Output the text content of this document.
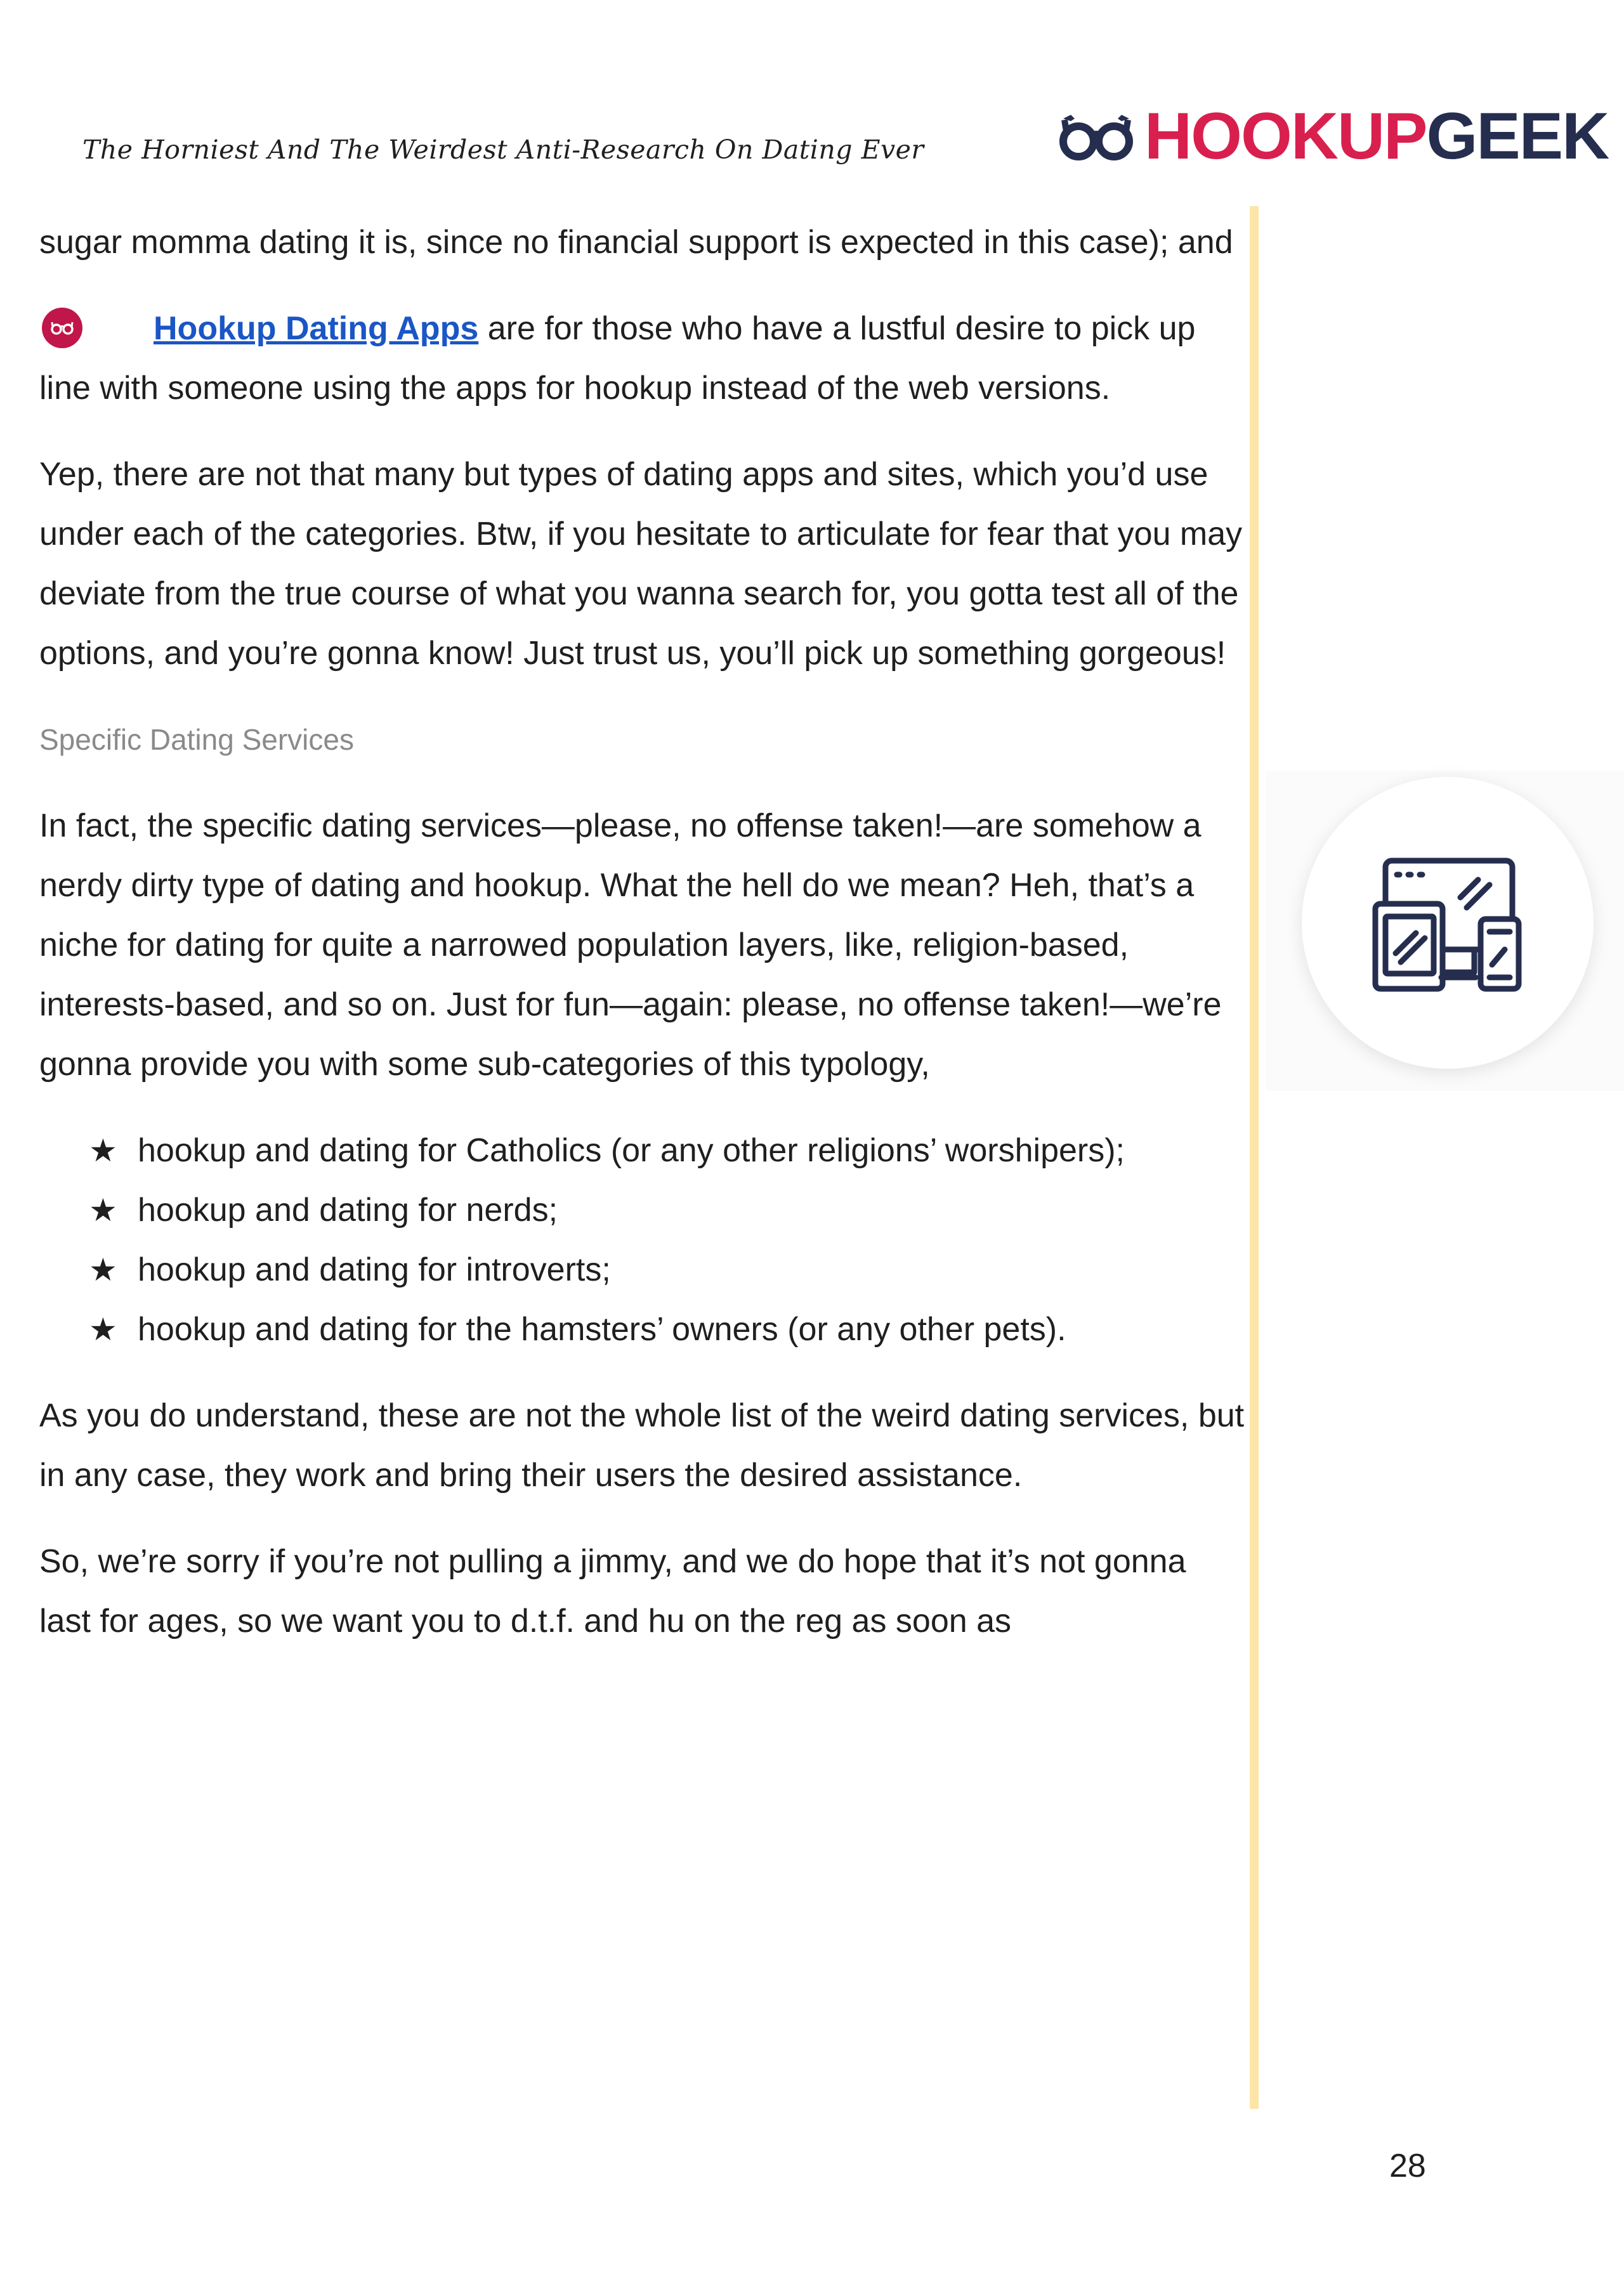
The Horniest And The Weirdest Anti-Research On Dating Ever	HOOKUPGEEK

sugar momma dating it is, since no financial support is expected in this case); and

Hookup Dating Apps are for those who have a lustful desire to pick up line with someone using the apps for hookup instead of the web versions.

Yep, there are not that many but types of dating apps and sites, which you’d use under each of the categories. Btw, if you hesitate to articulate for fear that you may deviate from the true course of what you wanna search for, you gotta test all of the options, and you’re gonna know! Just trust us, you’ll pick up something gorgeous!

Specific Dating Services

In fact, the specific dating services—please, no offense taken!—are somehow a nerdy dirty type of dating and hookup. What the hell do we mean? Heh, that’s a niche for dating for quite a narrowed population layers, like, religion-based, interests-based, and so on. Just for fun—again: please, no offense taken!—we’re gonna provide you with some sub-categories of this typology,

★ hookup and dating for Catholics (or any other religions’ worshipers);
★ hookup and dating for nerds;
★ hookup and dating for introverts;
★ hookup and dating for the hamsters’ owners (or any other pets).

As you do understand, these are not the whole list of the weird dating services, but in any case, they work and bring their users the desired assistance.

So, we’re sorry if you’re not pulling a jimmy, and we do hope that it’s not gonna last for ages, so we want you to d.t.f. and hu on the reg as soon as

28
